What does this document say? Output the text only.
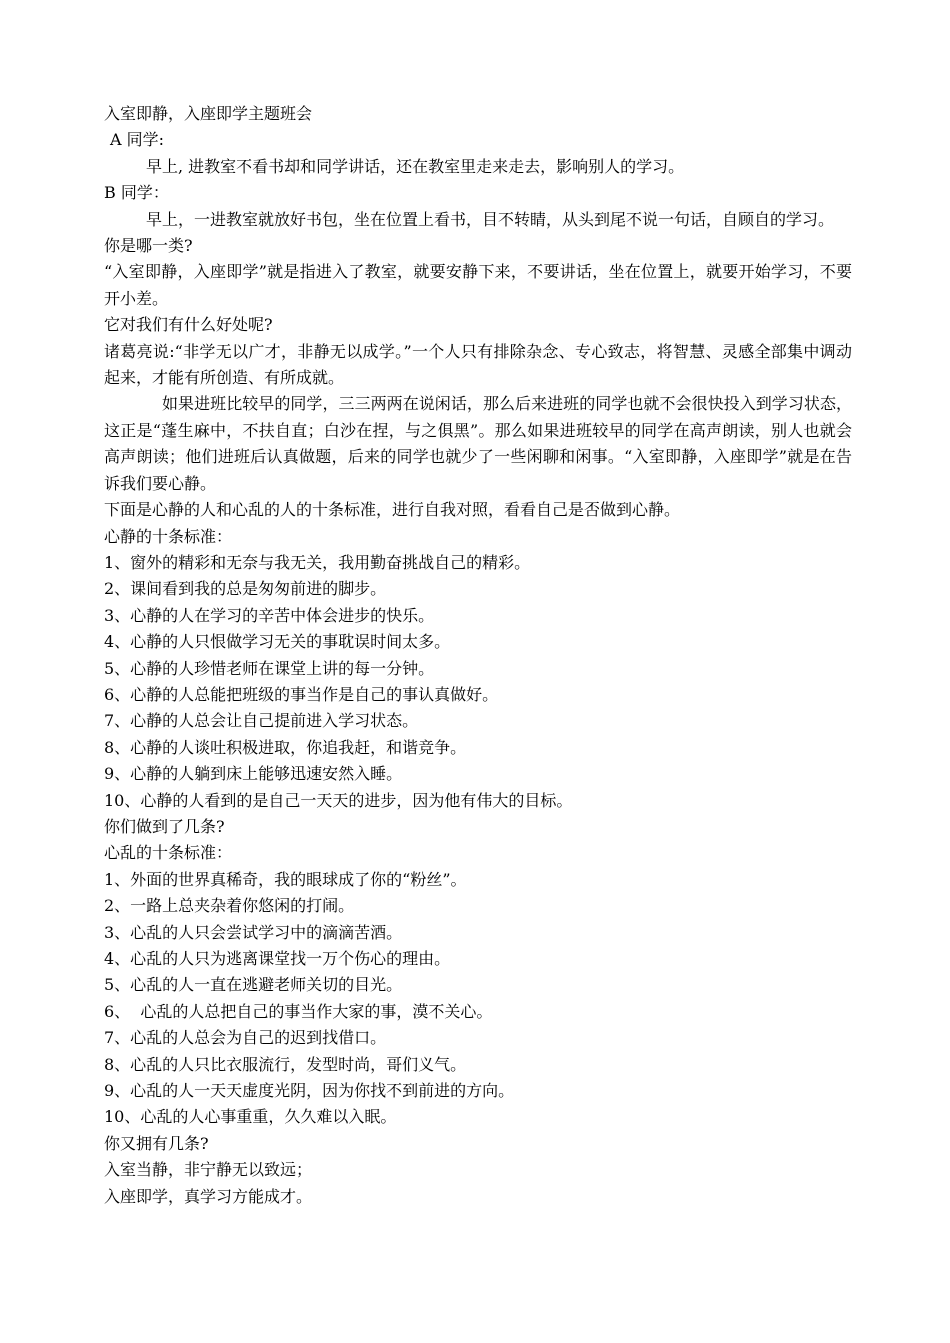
入室即静，入座即学主题班会

A 同学:

早上, 进教室不看书却和同学讲话，还在教室里走来走去，影响别人的学习。

B 同学：

早上，一进教室就放好书包，坐在位置上看书，目不转睛，从头到尾不说一句话，自顾自的学习。

你是哪一类?

“入室即静，入座即学”就是指进入了教室，就要安静下来，不要讲话，坐在位置上，就要开始学习，不要开小差。

它对我们有什么好处呢?

诸葛亮说:“非学无以广才，非静无以成学。”一个人只有排除杂念、专心致志，将智慧、灵感全部集中调动起来，才能有所创造、有所成就。

如果进班比较早的同学，三三两两在说闲话，那么后来进班的同学也就不会很快投入到学习状态，这正是“蓬生麻中，不扶自直；白沙在捏，与之俱黑”。那么如果进班较早的同学在高声朗读，别人也就会高声朗读；他们进班后认真做题，后来的同学也就少了一些闲聊和闲事。“入室即静，入座即学”就是在告诉我们要心静。

下面是心静的人和心乱的人的十条标准，进行自我对照，看看自己是否做到心静。

心静的十条标准：

1、窗外的精彩和无奈与我无关，我用勤奋挑战自己的精彩。

2、课间看到我的总是匆匆前进的脚步。

3、心静的人在学习的辛苦中体会进步的快乐。

4、心静的人只恨做学习无关的事耽误时间太多。

5、心静的人珍惜老师在课堂上讲的每一分钟。

6、心静的人总能把班级的事当作是自己的事认真做好。

7、心静的人总会让自己提前进入学习状态。

8、心静的人谈吐积极进取，你追我赶，和谐竞争。

9、心静的人躺到床上能够迅速安然入睡。

10、心静的人看到的是自己一天天的进步，因为他有伟大的目标。

你们做到了几条?

心乱的十条标准：

1、外面的世界真稀奇，我的眼球成了你的“粉丝”。

2、一路上总夹杂着你悠闲的打闹。

3、心乱的人只会尝试学习中的滴滴苦酒。

4、心乱的人只为逃离课堂找一万个伤心的理由。

5、心乱的人一直在逃避老师关切的目光。

6、  心乱的人总把自己的事当作大家的事，漠不关心。

7、心乱的人总会为自己的迟到找借口。

8、心乱的人只比衣服流行，发型时尚，哥们义气。

9、心乱的人一天天虚度光阴，因为你找不到前进的方向。

10、心乱的人心事重重，久久难以入眠。

你又拥有几条?

入室当静，非宁静无以致远；

入座即学，真学习方能成才。
